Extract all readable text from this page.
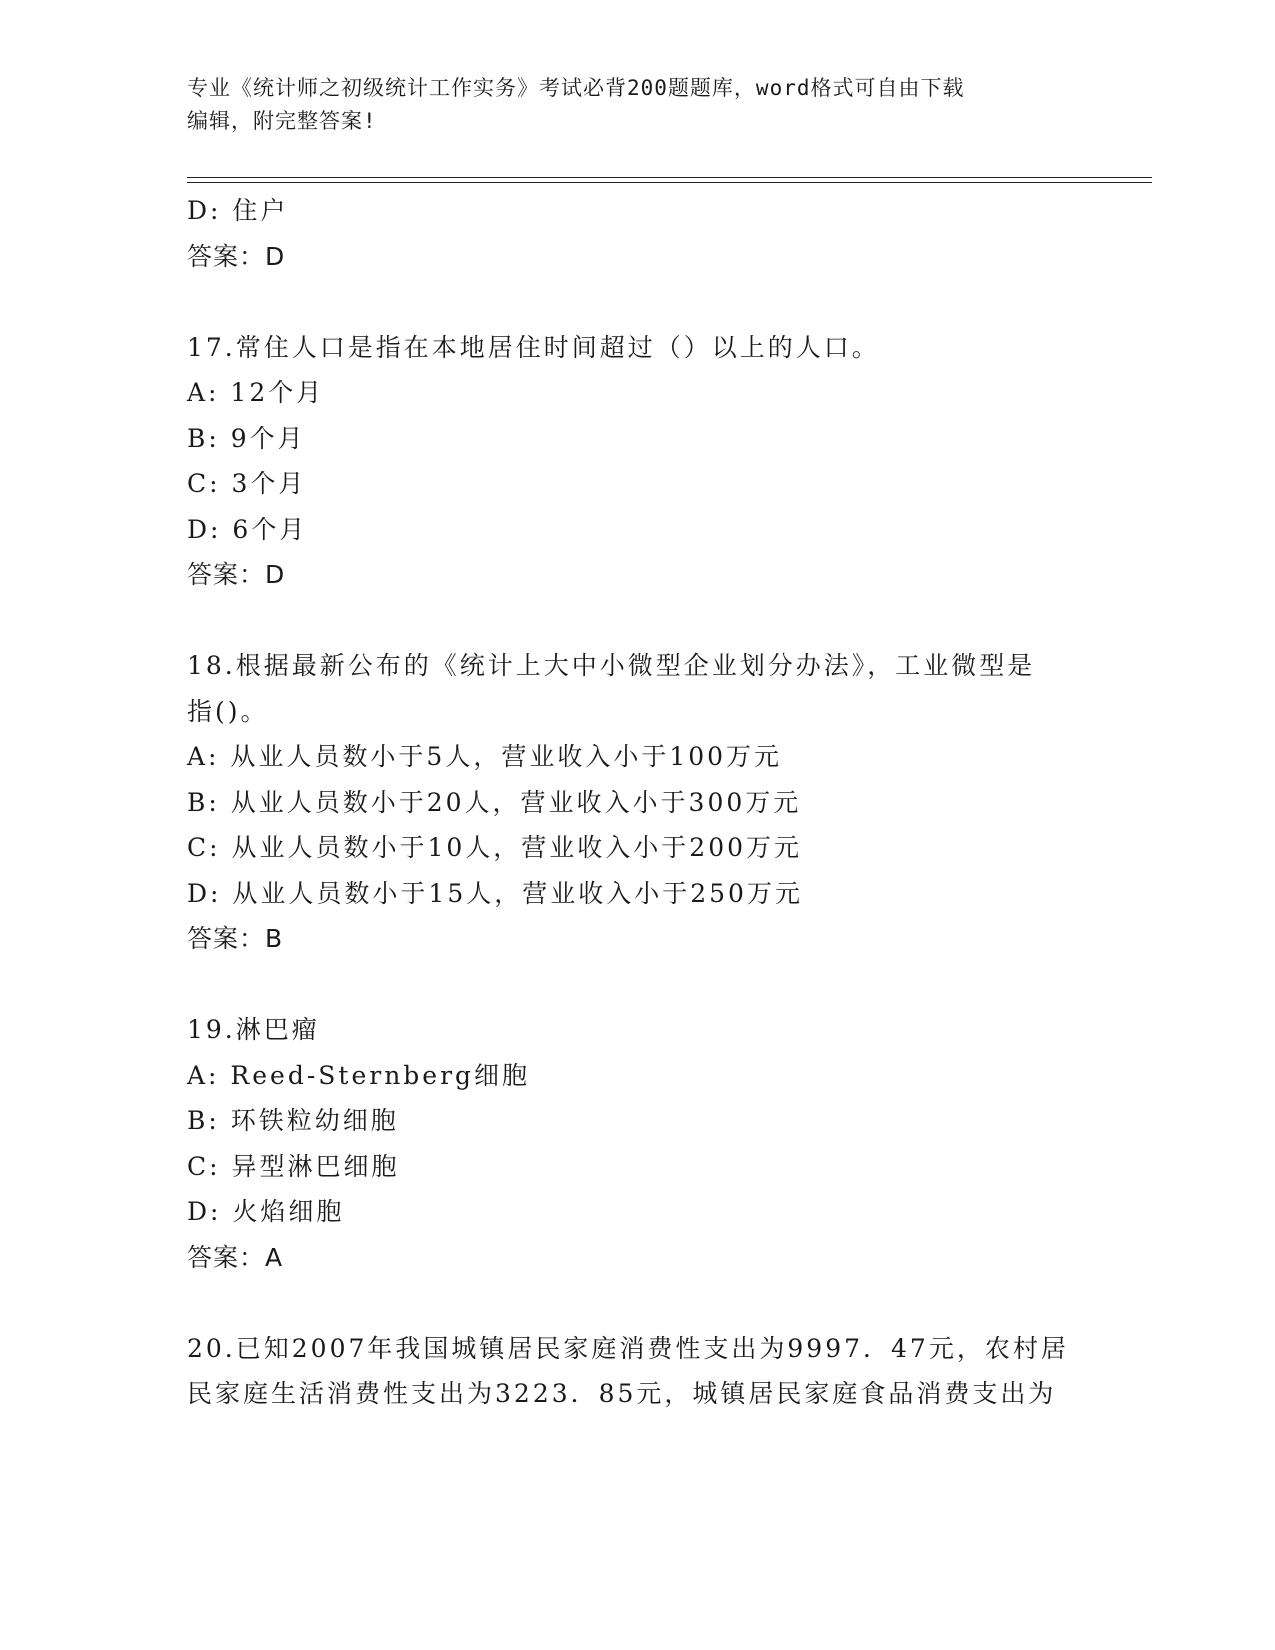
专业《统计师之初级统计工作实务》考试必背200题题库，word格式可自由下载
编辑，附完整答案!
D: 住户
答案：D
17.常住人口是指在本地居住时间超过（）以上的人口。
A: 12个月
B: 9个月
C: 3个月
D: 6个月
答案：D
18.根据最新公布的《统计上大中小微型企业划分办法》，工业微型是
指()。
A: 从业人员数小于5人，营业收入小于100万元
B: 从业人员数小于20人，营业收入小于300万元
C: 从业人员数小于10人，营业收入小于200万元
D: 从业人员数小于15人，营业收入小于250万元
答案：B
19.淋巴瘤
A: Reed-Sternberg细胞
B: 环铁粒幼细胞
C: 异型淋巴细胞
D: 火焰细胞
答案：A
20.已知2007年我国城镇居民家庭消费性支出为9997．47元，农村居
民家庭生活消费性支出为3223．85元，城镇居民家庭食品消费支出为
